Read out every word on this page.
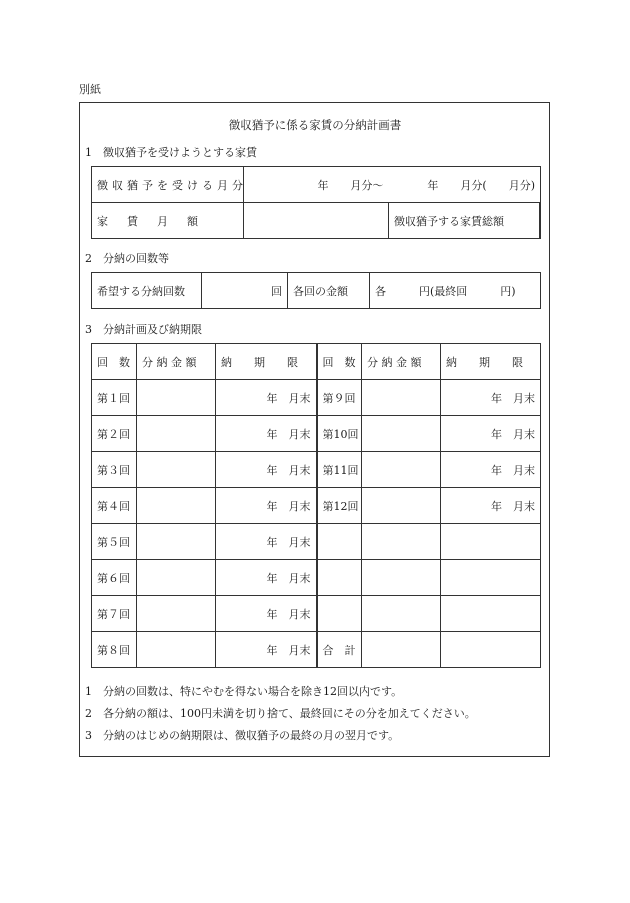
別紙
徴収猶予に係る家賃の分納計画書
1 徴収猶予を受けようとする家賃
徴収猶予を受ける月分	年　　月分～　　　　年　　月分(　　月分)	
家　賃　月　額		徴収猶予する家賃総額
2 分納の回数等
希望する分納回数	回	各回の金額	各　　　円(最終回　　　円)
3 分納計画及び納期限
回　数	分 納 金 額	納　　期　　限	回　数	分 納 金 額	納　　期　　限
第１回		年　月末	第９回		年　月末
第２回		年　月末	第10回		年　月末
第３回		年　月末	第11回		年　月末
第４回		年　月末	第12回		年　月末
第５回		年　月末			
第６回		年　月末			
第７回		年　月末			
第８回		年　月末	合　計		
1 分納の回数は、特にやむを得ない場合を除き12回以内です。
2 各分納の額は、100円未満を切り捨て、最終回にその分を加えてください。
3 分納のはじめの納期限は、徴収猶予の最終の月の翌月です。
